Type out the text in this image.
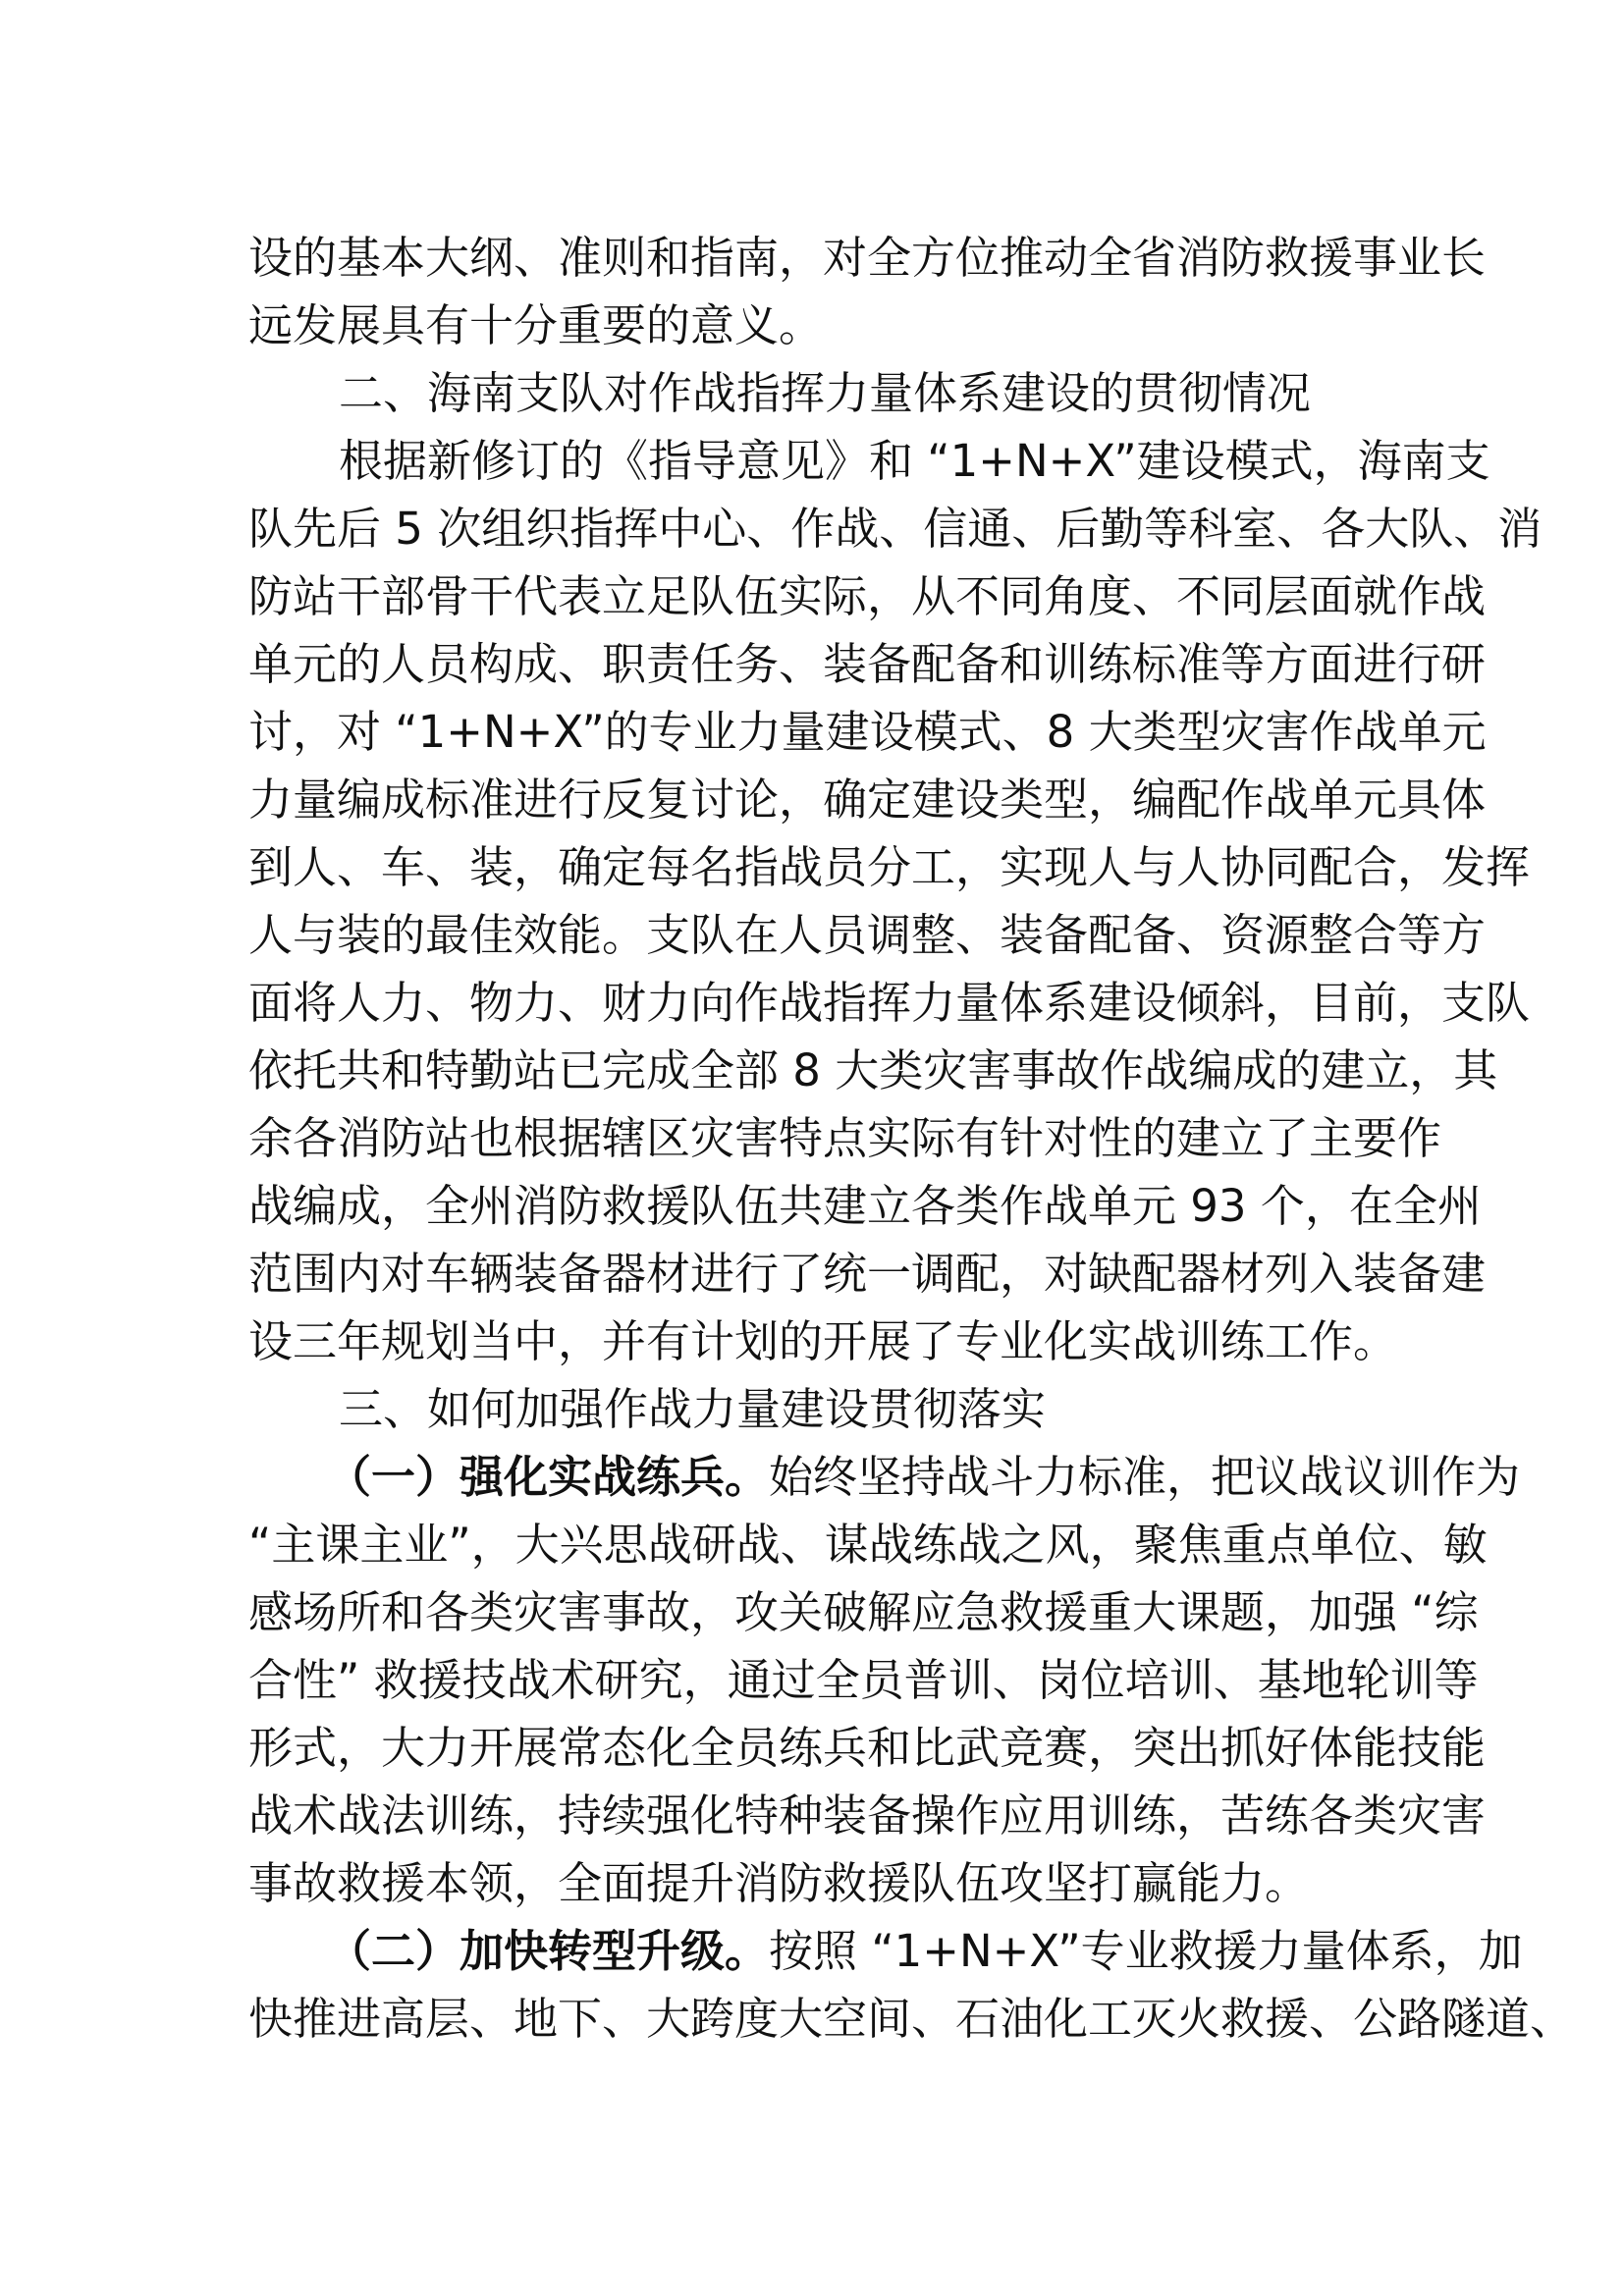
设的基本大纲、准则和指南，对全方位推动全省消防救援事业长
远发展具有十分重要的意义。
二、海南支队对作战指挥力量体系建设的贯彻情况
根据新修订的《指导意见》和 “1+N+X”建设模式，海南支
队先后 5 次组织指挥中心、作战、信通、后勤等科室、各大队、消
防站干部骨干代表立足队伍实际，从不同角度、不同层面就作战
单元的人员构成、职责任务、装备配备和训练标准等方面进行研
讨，对 “1+N+X”的专业力量建设模式、8 大类型灾害作战单元
力量编成标准进行反复讨论，确定建设类型，编配作战单元具体
到人、车、装，确定每名指战员分工，实现人与人协同配合，发挥
人与装的最佳效能。支队在人员调整、装备配备、资源整合等方
面将人力、物力、财力向作战指挥力量体系建设倾斜，目前，支队
依托共和特勤站已完成全部 8 大类灾害事故作战编成的建立，其
余各消防站也根据辖区灾害特点实际有针对性的建立了主要作
战编成，全州消防救援队伍共建立各类作战单元 93 个，在全州
范围内对车辆装备器材进行了统一调配，对缺配器材列入装备建
设三年规划当中，并有计划的开展了专业化实战训练工作。
三、如何加强作战力量建设贯彻落实
（一）强化实战练兵。始终坚持战斗力标准，把议战议训作为
“主课主业”，大兴思战研战、谋战练战之风，聚焦重点单位、敏
感场所和各类灾害事故，攻关破解应急救援重大课题，加强 “综
合性” 救援技战术研究，通过全员普训、岗位培训、基地轮训等
形式，大力开展常态化全员练兵和比武竞赛，突出抓好体能技能
战术战法训练，持续强化特种装备操作应用训练，苦练各类灾害
事故救援本领，全面提升消防救援队伍攻坚打赢能力。
（二）加快转型升级。按照 “1+N+X”专业救援力量体系，加
快推进高层、地下、大跨度大空间、石油化工灭火救援、公路隧道、
